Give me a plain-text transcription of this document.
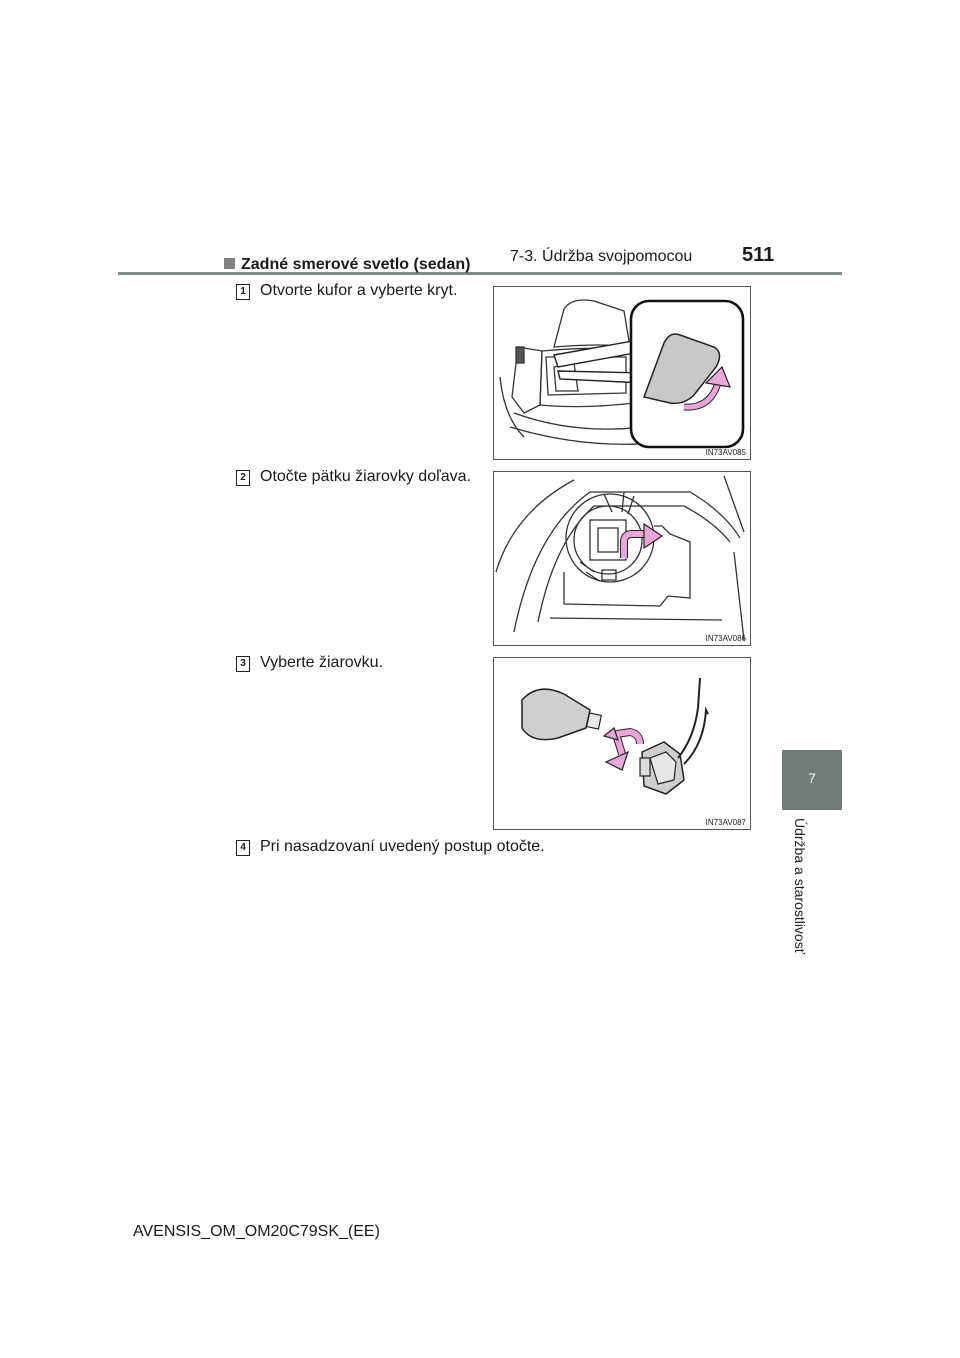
7-3. Údržba svojpomocou 511
7
Údržba a starostlivosť
Zadné smerové svetlo (sedan)
1 Otvorte kufor a vyberte kryt.
IN73AV085
2 Otočte pätku žiarovky doľava.
IN73AV086
3 Vyberte žiarovku.
IN73AV087
4 Pri nasadzovaní uvedený postup otočte.
AVENSIS_OM_OM20C79SK_(EE)
